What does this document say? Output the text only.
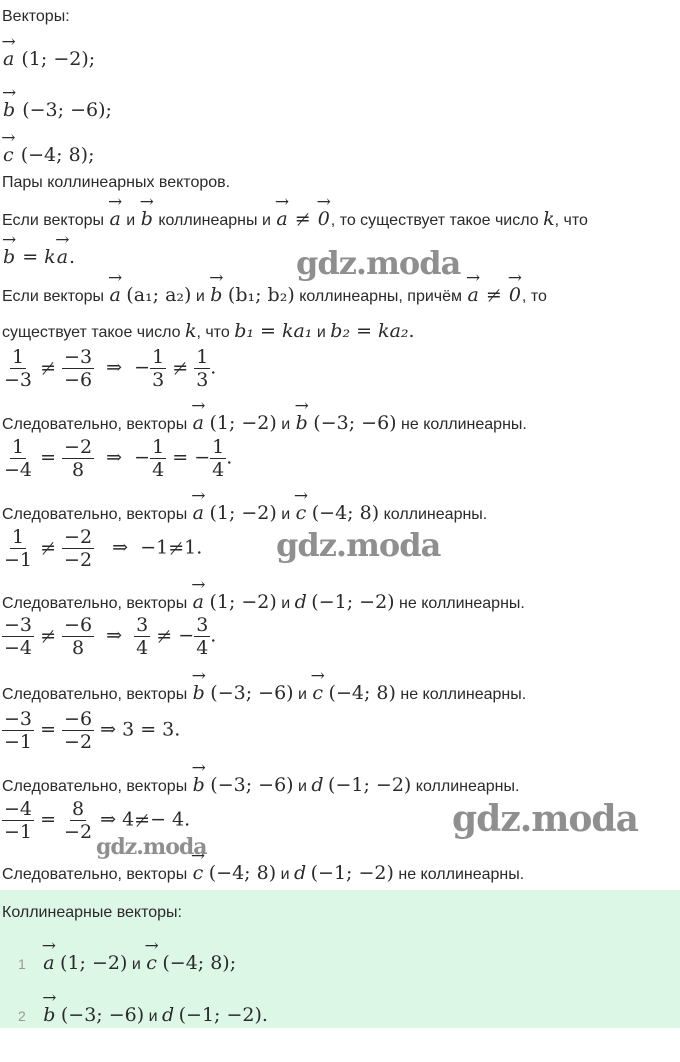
Векторы:
→ a (1; −2);
→ b (−3; −6);
→ c (−4; 8);
Пары коллинеарных векторов.
Если векторы → a и → b коллинеарны и → a = → 0, то существует такое число k, что
→ b = k→ a.
Если векторы → a (a₁; a₂) и → b (b₁; b₂) коллинеарны, причём → a = → 0, то
существует такое число k, что b₁ = ka₁ и b₂ = ka₂.
$\frac{1}{-3} = \frac{-3}{-6}$ ⇒ − $\frac{1}{3} = \frac{1}{3}$ .
Следовательно, векторы → a (1; −2) и → b (−3; −6) не коллинеарны.
$\frac{1}{-4} = \frac{-2}{8}$ ⇒ − $\frac{1}{4}$ = − $\frac{1}{4}$ .
Следовательно, векторы → a (1; −2) и → c (−4; 8) коллинеарны.
$\frac{1}{-1} = \frac{-2}{-2}$ ⇒ −1=1.
Следовательно, векторы → a (1; −2) и d (−1; −2) не коллинеарны.
$\frac{-3}{-4} = \frac{-6}{8}$ ⇒ $\frac{3}{4}$ = − $\frac{3}{4}$ .
Следовательно, векторы → b (−3; −6) и → c (−4; 8) не коллинеарны.
$\frac{-3}{-1} = \frac{-6}{-2}$ ⇒ 3 = 3.
Следовательно, векторы → b (−3; −6) и d (−1; −2) коллинеарны.
$\frac{-4}{-1} = \frac{8}{-2}$ ⇒ 4=− 4.
Следовательно, векторы → c (−4; 8) и d (−1; −2) не коллинеарны.
Коллинеарные векторы:
1 → a (1; −2) и → c (−4; 8);
2 → b (−3; −6) и d (−1; −2).
gdz.moda
gdz.moda
gdz.moda
gdz.moda
